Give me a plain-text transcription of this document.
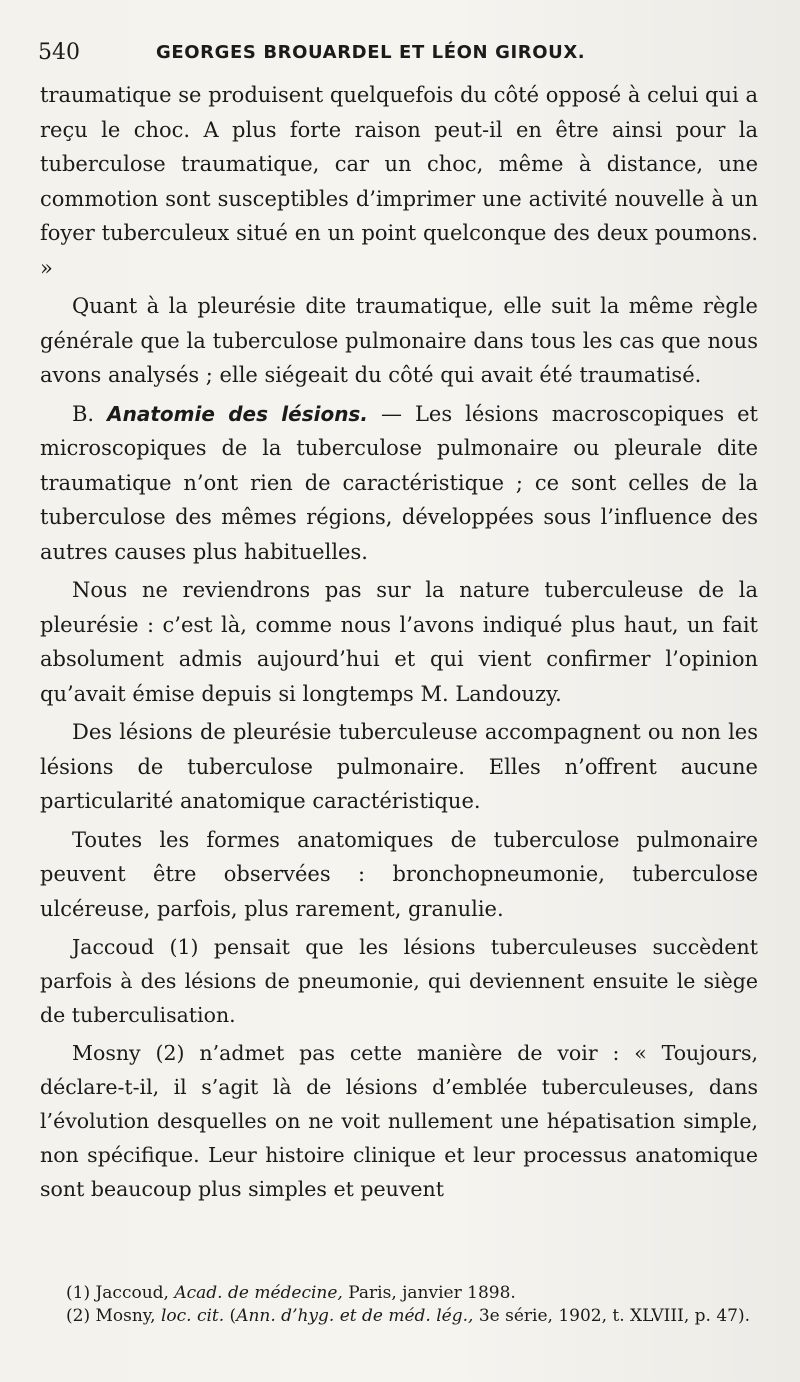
540	GEORGES BROUARDEL ET LÉON GIROUX.

traumatique se produisent quelquefois du côté opposé à celui qui a reçu le choc. A plus forte raison peut-il en être ainsi pour la tuberculose traumatique, car un choc, même à distance, une commotion sont susceptibles d’imprimer une activité nouvelle à un foyer tuberculeux situé en un point quelconque des deux poumons. »

Quant à la pleurésie dite traumatique, elle suit la même règle générale que la tuberculose pulmonaire dans tous les cas que nous avons analysés ; elle siégeait du côté qui avait été traumatisé.

B. Anatomie des lésions. — Les lésions macroscopiques et microscopiques de la tuberculose pulmonaire ou pleurale dite traumatique n’ont rien de caractéristique ; ce sont celles de la tuberculose des mêmes régions, développées sous l’influence des autres causes plus habituelles.

Nous ne reviendrons pas sur la nature tuberculeuse de la pleurésie : c’est là, comme nous l’avons indiqué plus haut, un fait absolument admis aujourd’hui et qui vient confirmer l’opinion qu’avait émise depuis si longtemps M. Landouzy.

Des lésions de pleurésie tuberculeuse accompagnent ou non les lésions de tuberculose pulmonaire. Elles n’offrent aucune particularité anatomique caractéristique.

Toutes les formes anatomiques de tuberculose pulmonaire peuvent être observées : bronchopneumonie, tuberculose ulcéreuse, parfois, plus rarement, granulie.

Jaccoud (1) pensait que les lésions tuberculeuses succèdent parfois à des lésions de pneumonie, qui deviennent ensuite le siège de tuberculisation.

Mosny (2) n’admet pas cette manière de voir : « Toujours, déclare-t-il, il s’agit là de lésions d’emblée tuberculeuses, dans l’évolution desquelles on ne voit nullement une hépatisation simple, non spécifique. Leur histoire clinique et leur processus anatomique sont beaucoup plus simples et peuvent

(1) Jaccoud, Acad. de médecine, Paris, janvier 1898.

(2) Mosny, loc. cit. (Ann. d’hyg. et de méd. lég., 3e série, 1902, t. XLVIII, p. 47).
